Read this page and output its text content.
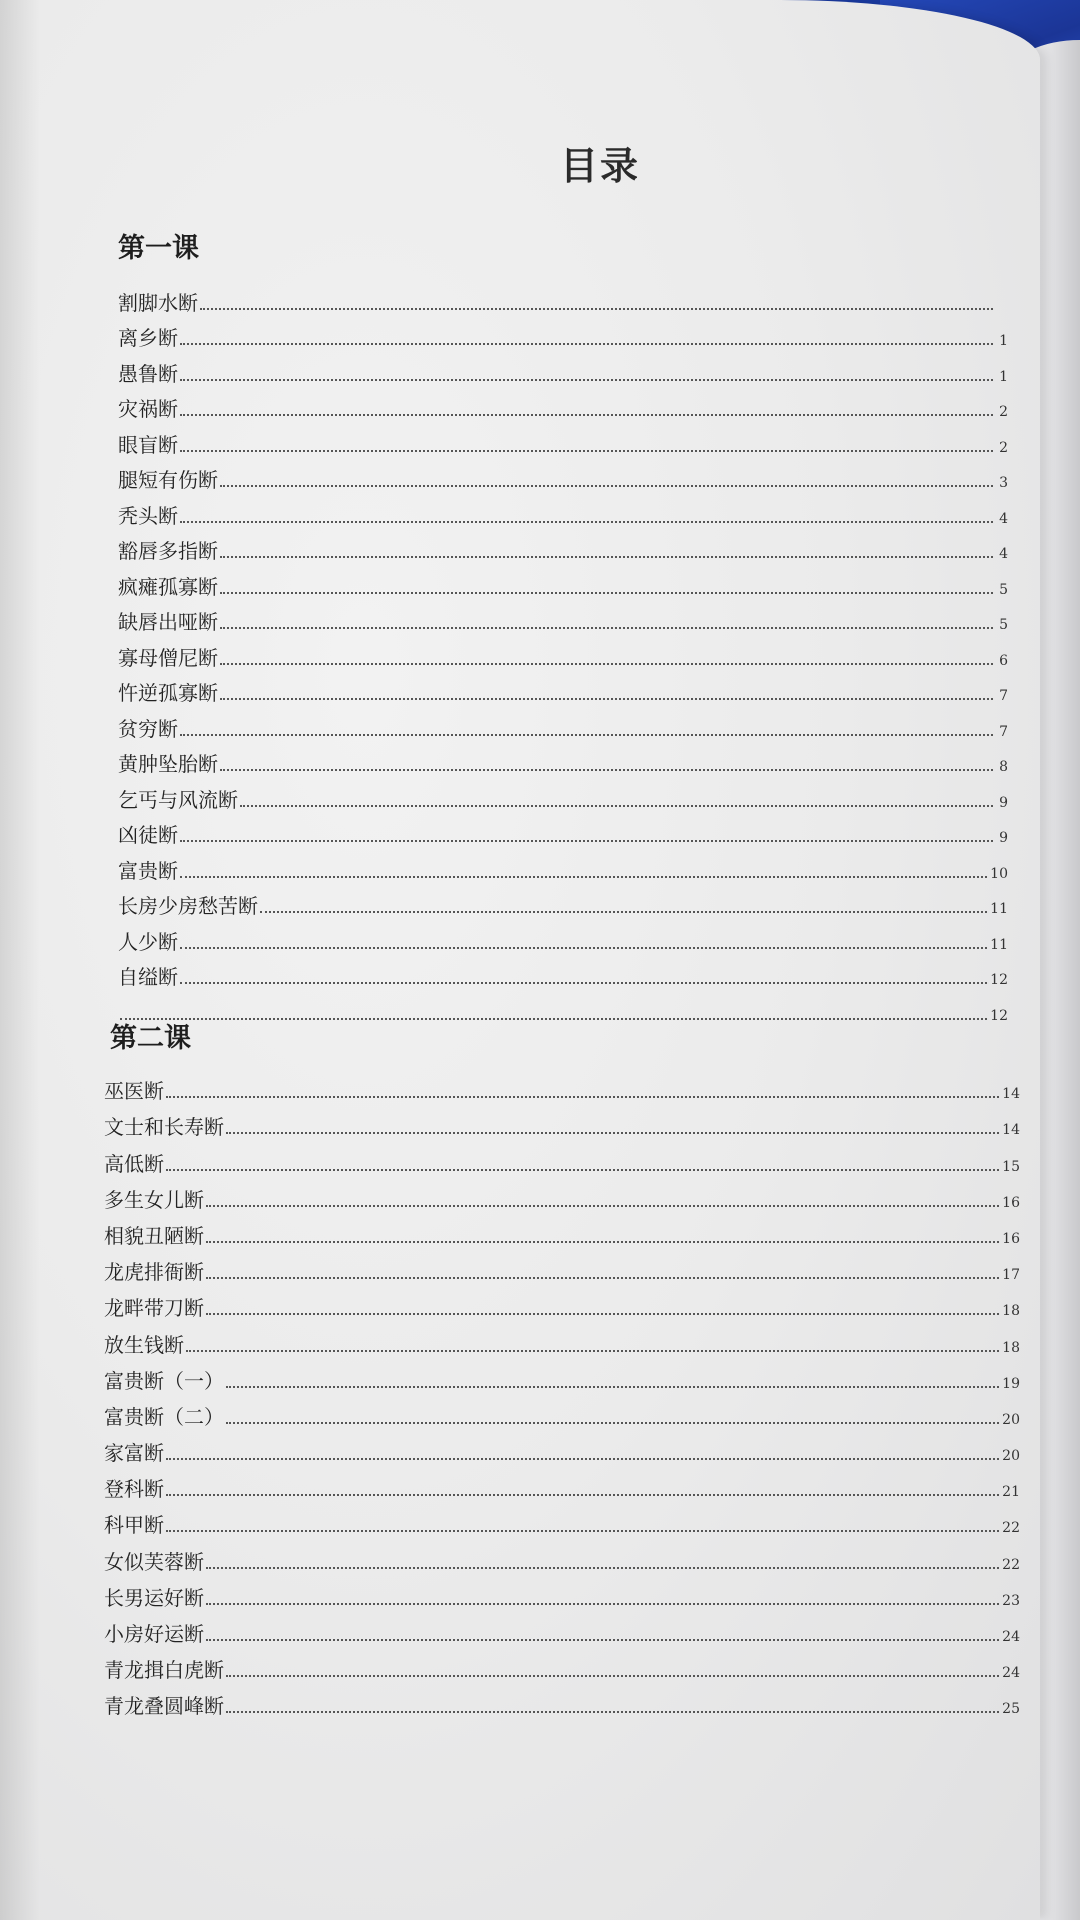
目录
第一课
割脚水断
离乡断	1
愚鲁断	1
灾祸断	2
眼盲断	2
腿短有伤断	3
秃头断	4
豁唇多指断	4
疯瘫孤寡断	5
缺唇出哑断	5
寡母僧尼断	6
忤逆孤寡断	7
贫穷断	7
黄肿坠胎断	8
乞丐与风流断	9
凶徒断	9
富贵断	10
长房少房愁苦断	11
人少断	11
自缢断	12
12
第二课
巫医断	14
文士和长寿断	14
高低断	15
多生女儿断	16
相貌丑陋断	16
龙虎排衙断	17
龙畔带刀断	18
放生钱断	18
富贵断（一）	19
富贵断（二）	20
家富断	20
登科断	21
科甲断	22
女似芙蓉断	22
长男运好断	23
小房好运断	24
青龙揖白虎断	24
青龙叠圆峰断	25
